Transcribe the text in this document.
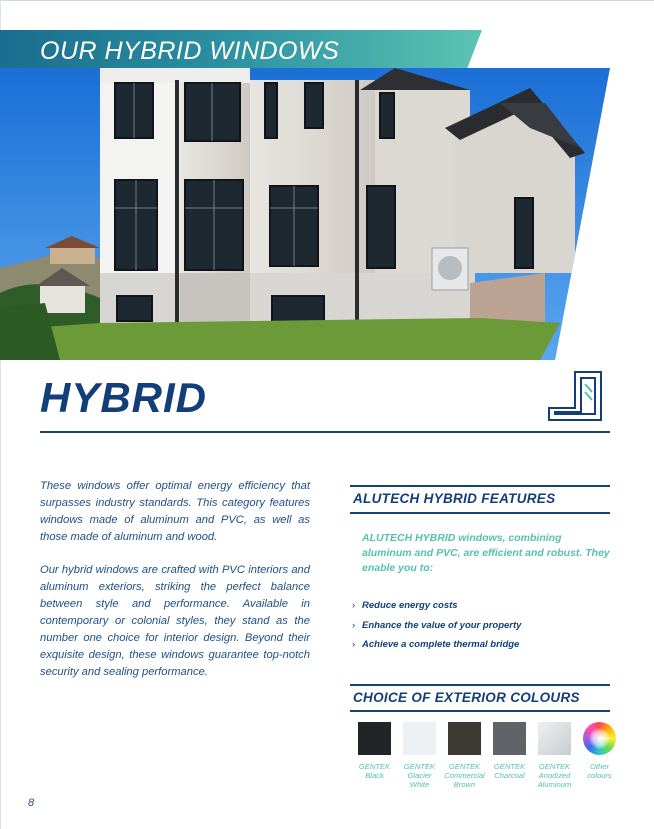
OUR HYBRID WINDOWS
HYBRID

These windows offer optimal energy efficiency that surpasses industry standards. This category features windows made of aluminum and PVC, as well as those made of aluminum and wood.

Our hybrid windows are crafted with PVC interiors and aluminum exteriors, striking the perfect balance between style and performance. Available in contemporary or colonial styles, they stand as the number one choice for interior design. Beyond their exquisite design, these windows guarantee top-notch security and sealing performance.

ALUTECH HYBRID FEATURES
ALUTECH HYBRID windows, combining aluminum and PVC, are efficient and robust. They enable you to:
› Reduce energy costs
› Enhance the value of your property
› Achieve a complete thermal bridge
CHOICE OF EXTERIOR COLOURS
GENTEK Black
GENTEK Glacier White
GENTEK Commercial Brown
GENTEK Charcoal
GENTEK Anodized Aluminum
Other colours
8
